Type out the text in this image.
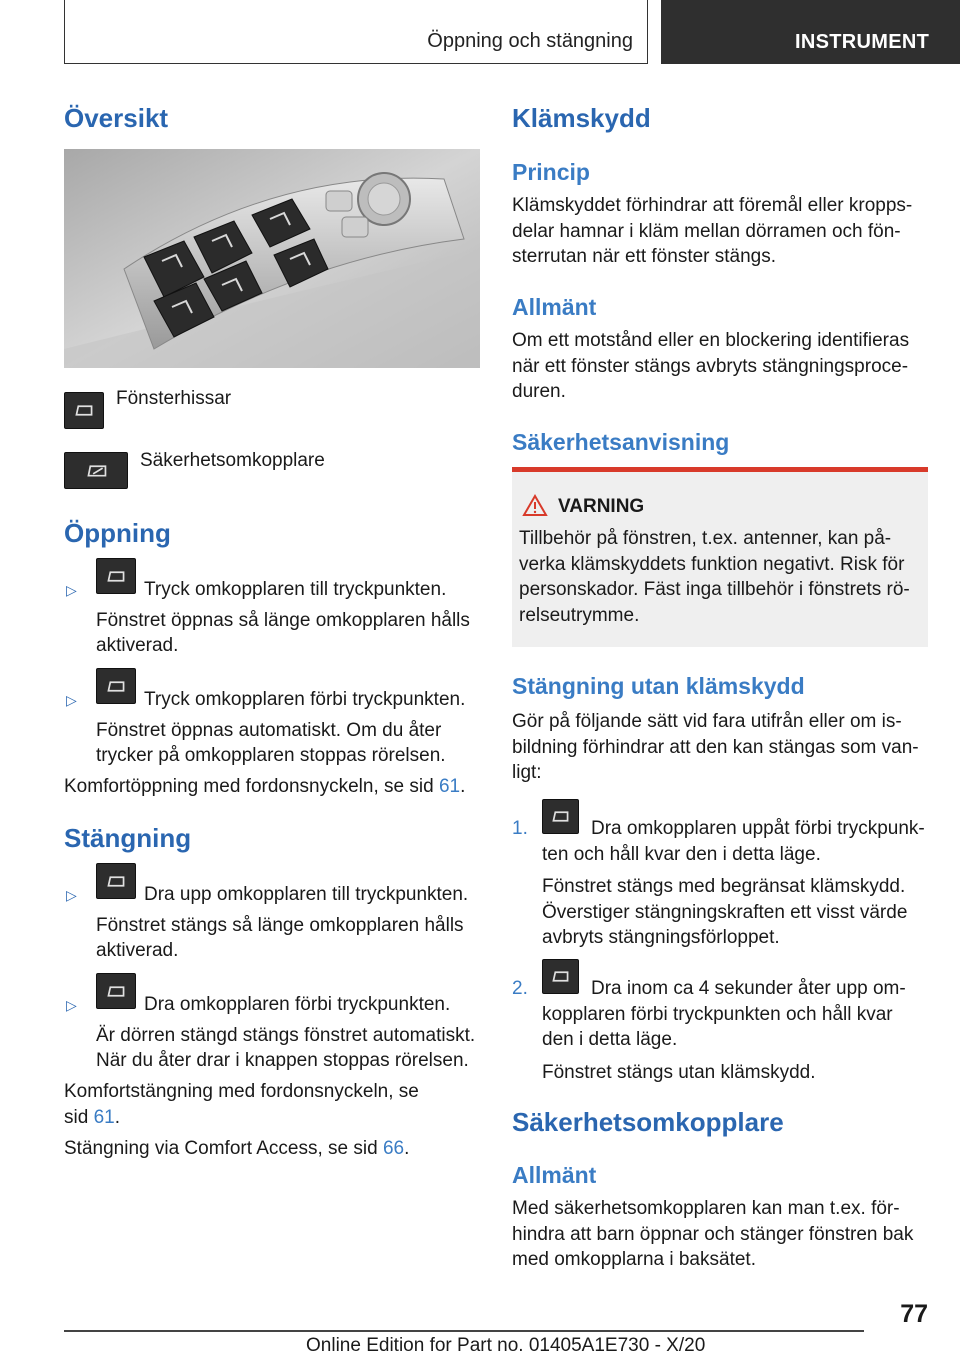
Öppning och stängning	INSTRUMENT
Översikt
Fönsterhissar
Säkerhetsomkopplare
Öppning
▷	Tryck omkopplaren till tryckpunkten.
Fönstret öppnas så länge omkopplaren hålls
aktiverad.
▷	Tryck omkopplaren förbi tryckpunkten.
Fönstret öppnas automatiskt. Om du åter
trycker på omkopplaren stoppas rörelsen.
Komfortöppning med fordonsnyckeln, se sid 61.
Stängning
▷	Dra upp omkopplaren till tryckpunkten.
Fönstret stängs så länge omkopplaren hålls
aktiverad.
▷	Dra omkopplaren förbi tryckpunkten.
Är dörren stängd stängs fönstret automatiskt.
När du åter drar i knappen stoppas rörelsen.
Komfortstängning med fordonsnyckeln, se
sid 61.
Stängning via Comfort Access, se sid 66.
Klämskydd
Princip
Klämskyddet förhindrar att föremål eller kropps-
delar hamnar i kläm mellan dörramen och fön-
sterrutan när ett fönster stängs.
Allmänt
Om ett motstånd eller en blockering identifieras
när ett fönster stängs avbryts stängningsproce-
duren.
Säkerhetsanvisning
VARNING
Tillbehör på fönstren, t.ex. antenner, kan på-
verka klämskyddets funktion negativt. Risk för
personskador. Fäst inga tillbehör i fönstrets rö-
relseutrymme.
Stängning utan klämskydd
Gör på följande sätt vid fara utifrån eller om is-
bildning förhindrar att den kan stängas som van-
ligt:
1.	Dra omkopplaren uppåt förbi tryckpunk-
ten och håll kvar den i detta läge.
Fönstret stängs med begränsat klämskydd.
Överstiger stängningskraften ett visst värde
avbryts stängningsförloppet.
2.	Dra inom ca 4 sekunder åter upp om-
kopplaren förbi tryckpunkten och håll kvar
den i detta läge.
Fönstret stängs utan klämskydd.
Säkerhetsomkopplare
Allmänt
Med säkerhetsomkopplaren kan man t.ex. för-
hindra att barn öppnar och stänger fönstren bak
med omkopplarna i baksätet.
77
Online Edition for Part no. 01405A1E730 - X/20
